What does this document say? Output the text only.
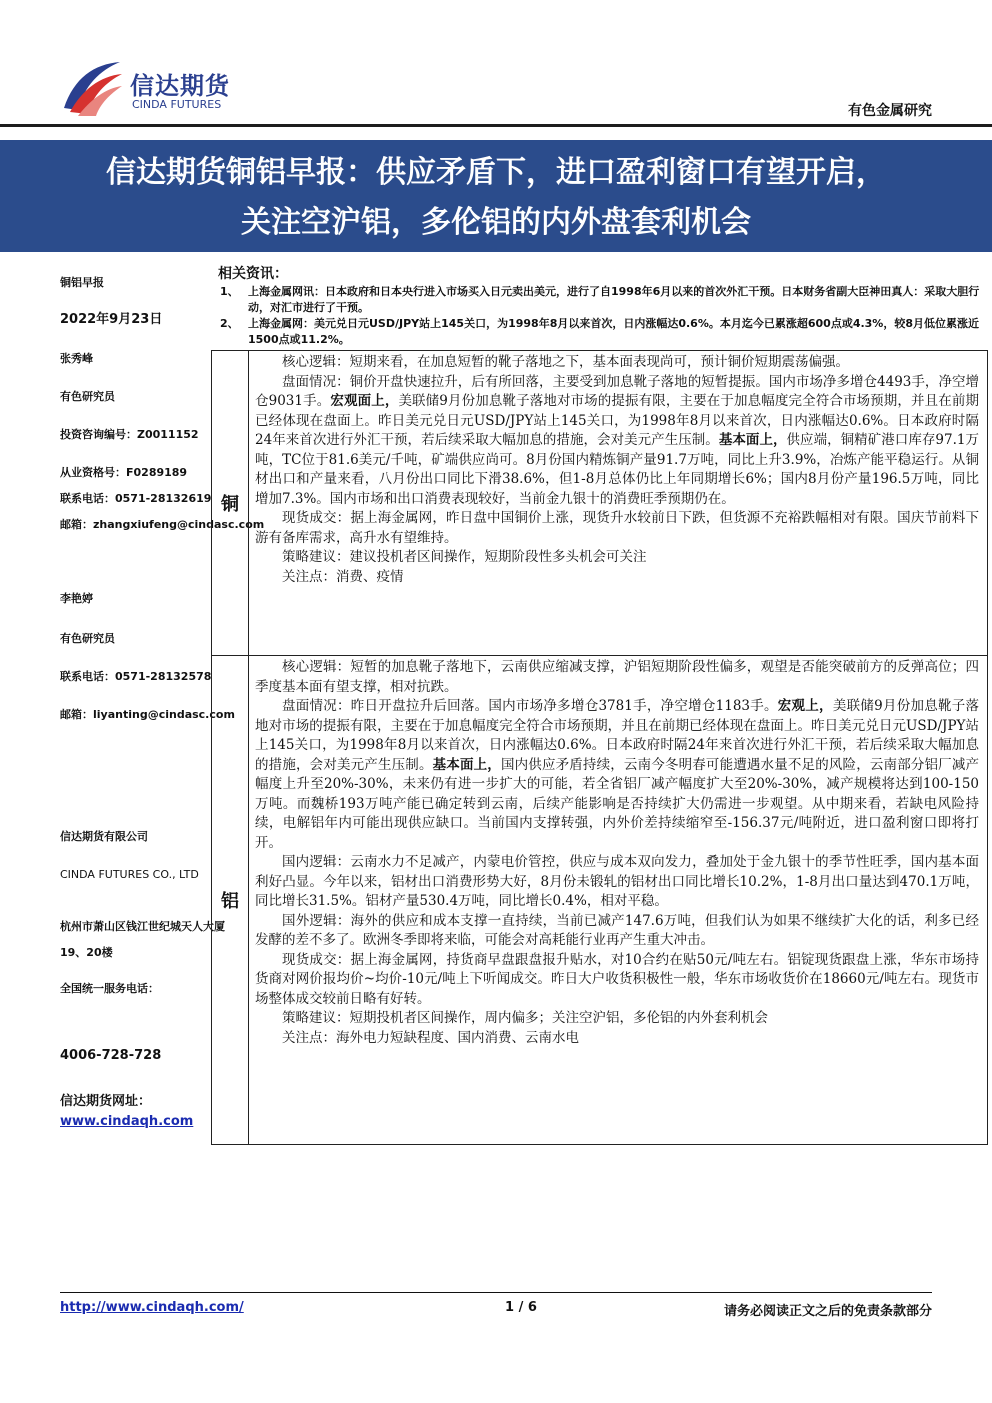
信达期货
CINDA FUTURES	有色金属研究
信达期货铜铝早报：供应矛盾下，进口盈利窗口有望开启，
关注空沪铝，多伦铝的内外盘套利机会
铜铝早报
2022年9月23日
张秀峰
有色研究员
投资咨询编号：Z0011152
从业资格号：F0289189
联系电话：0571-28132619
邮箱：zhangxiufeng@cindasc.com
李艳婷
有色研究员
联系电话：0571-28132578
邮箱：liyanting@cindasc.com
信达期货有限公司
CINDA FUTURES CO., LTD
杭州市萧山区钱江世纪城天人大厦
19、20楼
全国统一服务电话：
4006-728-728
信达期货网址：
www.cindaqh.com
相关资讯：
1、 上海金属网讯：日本政府和日本央行进入市场买入日元卖出美元，进行了自1998年6月以来的首次外汇干预。日本财务省副大臣神田真人：采取大胆行动，对汇市进行了干预。
2、 上海金属网：美元兑日元USD/JPY站上145关口，为1998年8月以来首次，日内涨幅达0.6%。本月迄今已累涨超600点或4.3%，较8月低位累涨近1500点或11.2%。
铜

核心逻辑：短期来看，在加息短暂的靴子落地之下，基本面表现尚可，预计铜价短期震荡偏强。

盘面情况：铜价开盘快速拉升，后有所回落，主要受到加息靴子落地的短暂提振。国内市场净多增仓4493手，净空增仓9031手。宏观面上，美联储9月份加息靴子落地对市场的提振有限，主要在于加息幅度完全符合市场预期，并且在前期已经体现在盘面上。昨日美元兑日元USD/JPY站上145关口，为1998年8月以来首次，日内涨幅达0.6%。日本政府时隔24年来首次进行外汇干预，若后续采取大幅加息的措施，会对美元产生压制。基本面上，供应端，铜精矿港口库存97.1万吨，TC位于81.6美元/千吨，矿端供应尚可。8月份国内精炼铜产量91.7万吨，同比上升3.9%，冶炼产能平稳运行。从铜材出口和产量来看，八月份出口同比下滑38.6%，但1-8月总体仍比上年同期增长6%；国内8月份产量196.5万吨，同比增加7.3%。国内市场和出口消费表现较好，当前金九银十的消费旺季预期仍在。

现货成交：据上海金属网，昨日盘中国铜价上涨，现货升水较前日下跌，但货源不充裕跌幅相对有限。国庆节前料下游有备库需求，高升水有望维持。

策略建议：建议投机者区间操作，短期阶段性多头机会可关注

关注点：消费、疫情

铝

核心逻辑：短暂的加息靴子落地下，云南供应缩减支撑，沪铝短期阶段性偏多，观望是否能突破前方的反弹高位；四季度基本面有望支撑，相对抗跌。

盘面情况：昨日开盘拉升后回落。国内市场净多增仓3781手，净空增仓1183手。宏观上，美联储9月份加息靴子落地对市场的提振有限，主要在于加息幅度完全符合市场预期，并且在前期已经体现在盘面上。昨日美元兑日元USD/JPY站上145关口，为1998年8月以来首次，日内涨幅达0.6%。日本政府时隔24年来首次进行外汇干预，若后续采取大幅加息的措施，会对美元产生压制。基本面上，国内供应矛盾持续，云南今冬明春可能遭遇水量不足的风险，云南部分铝厂减产幅度上升至20%-30%，未来仍有进一步扩大的可能，若全省铝厂减产幅度扩大至20%-30%，减产规模将达到100-150万吨。而魏桥193万吨产能已确定转到云南，后续产能影响是否持续扩大仍需进一步观望。从中期来看，若缺电风险持续，电解铝年内可能出现供应缺口。当前国内支撑转强，内外价差持续缩窄至-156.37元/吨附近，进口盈利窗口即将打开。

国内逻辑：云南水力不足减产，内蒙电价管控，供应与成本双向发力，叠加处于金九银十的季节性旺季，国内基本面利好凸显。今年以来，铝材出口消费形势大好，8月份未锻轧的铝材出口同比增长10.2%，1-8月出口量达到470.1万吨，同比增长31.5%。铝材产量530.4万吨，同比增长0.4%，相对平稳。

国外逻辑：海外的供应和成本支撑一直持续，当前已减产147.6万吨，但我们认为如果不继续扩大化的话，利多已经发酵的差不多了。欧洲冬季即将来临，可能会对高耗能行业再产生重大冲击。

现货成交：据上海金属网，持货商早盘跟盘报升贴水，对10合约在贴50元/吨左右。铝锭现货跟盘上涨，华东市场持货商对网价报均价~均价-10元/吨上下听闻成交。昨日大户收货积极性一般，华东市场收货价在18660元/吨左右。现货市场整体成交较前日略有好转。

策略建议：短期投机者区间操作，周内偏多；关注空沪铝，多伦铝的内外套利机会

关注点：海外电力短缺程度、国内消费、云南水电

http://www.cindaqh.com/	1 / 6	请务必阅读正文之后的免责条款部分
